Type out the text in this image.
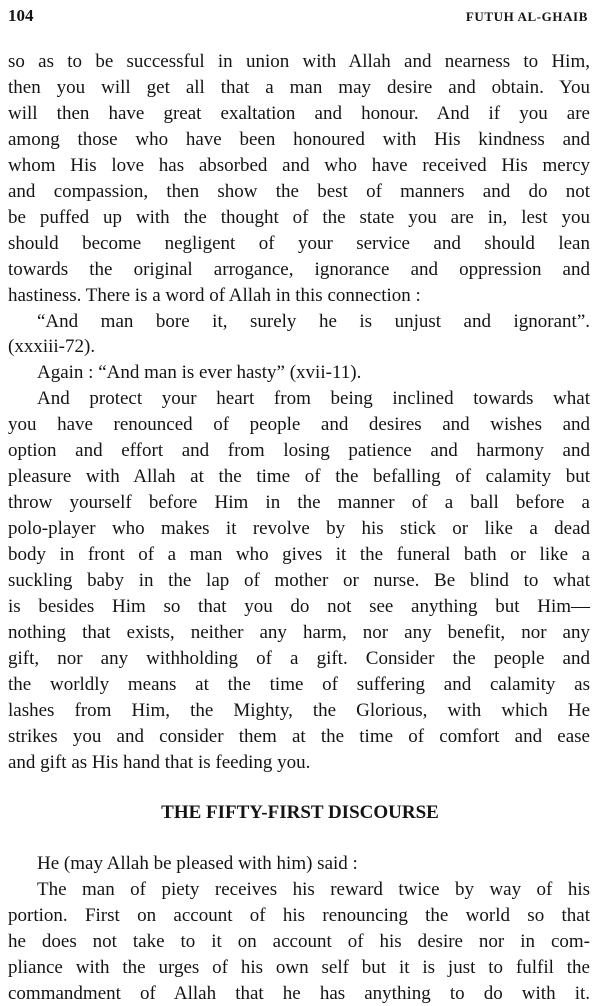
104	FUTUH AL-GHAIB
so as to be successful in union with Allah and nearness to Him,
then you will get all that a man may desire and obtain. You
will then have great exaltation and honour. And if you are
among those who have been honoured with His kindness and
whom His love has absorbed and who have received His mercy
and compassion, then show the best of manners and do not
be puffed up with the thought of the state you are in, lest you
should become negligent of your service and should lean
towards the original arrogance, ignorance and oppression and
hastiness. There is a word of Allah in this connection :
“And man bore it, surely he is unjust and ignorant”.
(xxxiii-72).
Again : “And man is ever hasty” (xvii-11).
And protect your heart from being inclined towards what
you have renounced of people and desires and wishes and
option and effort and from losing patience and harmony and
pleasure with Allah at the time of the befalling of calamity but
throw yourself before Him in the manner of a ball before a
polo-player who makes it revolve by his stick or like a dead
body in front of a man who gives it the funeral bath or like a
suckling baby in the lap of mother or nurse. Be blind to what
is besides Him so that you do not see anything but Him—
nothing that exists, neither any harm, nor any benefit, nor any
gift, nor any withholding of a gift. Consider the people and
the worldly means at the time of suffering and calamity as
lashes from Him, the Mighty, the Glorious, with which He
strikes you and consider them at the time of comfort and ease
and gift as His hand that is feeding you.
THE FIFTY-FIRST DISCOURSE
He (may Allah be pleased with him) said :
The man of piety receives his reward twice by way of his
portion. First on account of his renouncing the world so that
he does not take to it on account of his desire nor in com-
pliance with the urges of his own self but it is just to fulfil the
commandment of Allah that he has anything to do with it.
